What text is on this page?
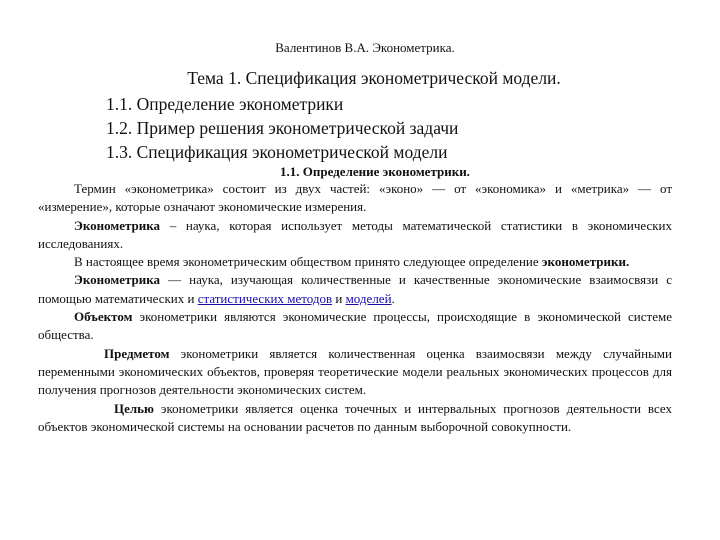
Валентинов В.А. Эконометрика.
Тема 1. Спецификация эконометрической модели.
1.1. Определение эконометрики
1.2. Пример решения эконометрической задачи
1.3. Спецификация эконометрической модели
1.1. Определение эконометрики.

Термин «эконометрика» состоит из двух частей: «эконо» — от «экономика» и «метрика» — от «измерение», которые означают экономические измерения.

Эконометрика – наука, которая использует методы математической статистики в экономических исследованиях.

В настоящее время эконометрическим обществом принято следующее определение эконометрики.

Эконометрика — наука, изучающая количественные и качественные экономические взаимосвязи с помощью математических и статистических методов и моделей.

Объектом эконометрики являются экономические процессы, происходящие в экономической системе общества.

Предметом эконометрики является количественная оценка взаимосвязи между случайными переменными экономических объектов, проверяя теоретические модели реальных экономических процессов для получения прогнозов деятельности экономических систем.

Целью эконометрики является оценка точечных и интервальных прогнозов деятельности всех объектов экономической системы на основании расчетов по данным выборочной совокупности.
